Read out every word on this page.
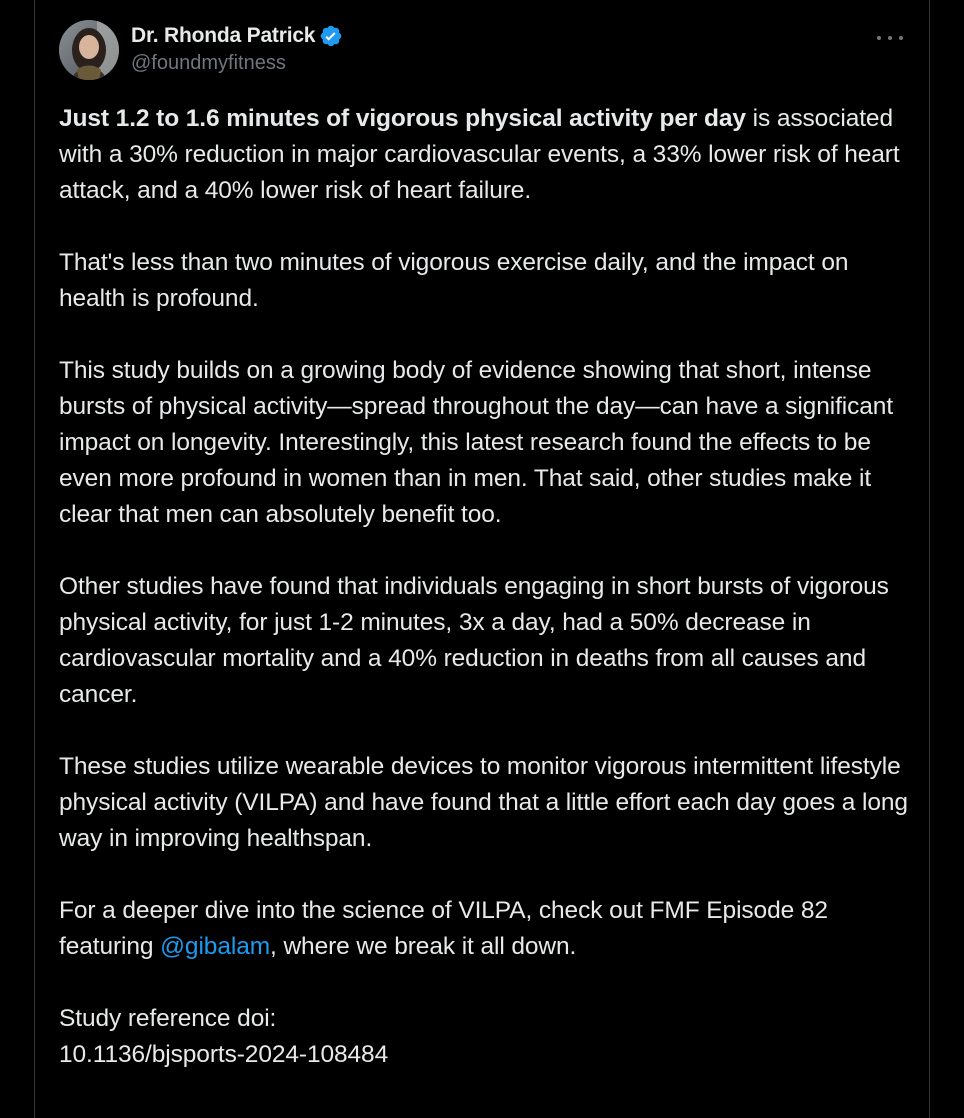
Dr. Rhonda Patrick
@foundmyfitness

Just 1.2 to 1.6 minutes of vigorous physical activity per day is associated with a 30% reduction in major cardiovascular events, a 33% lower risk of heart attack, and a 40% lower risk of heart failure.

That's less than two minutes of vigorous exercise daily, and the impact on health is profound.

This study builds on a growing body of evidence showing that short, intense bursts of physical activity—spread throughout the day—can have a significant impact on longevity. Interestingly, this latest research found the effects to be even more profound in women than in men. That said, other studies make it clear that men can absolutely benefit too.

Other studies have found that individuals engaging in short bursts of vigorous physical activity, for just 1-2 minutes, 3x a day, had a 50% decrease in cardiovascular mortality and a 40% reduction in deaths from all causes and cancer.

These studies utilize wearable devices to monitor vigorous intermittent lifestyle physical activity (VILPA) and have found that a little effort each day goes a long way in improving healthspan.

For a deeper dive into the science of VILPA, check out FMF Episode 82 featuring @gibalam, where we break it all down.

Study reference doi:
10.1136/bjsports-2024-108484
